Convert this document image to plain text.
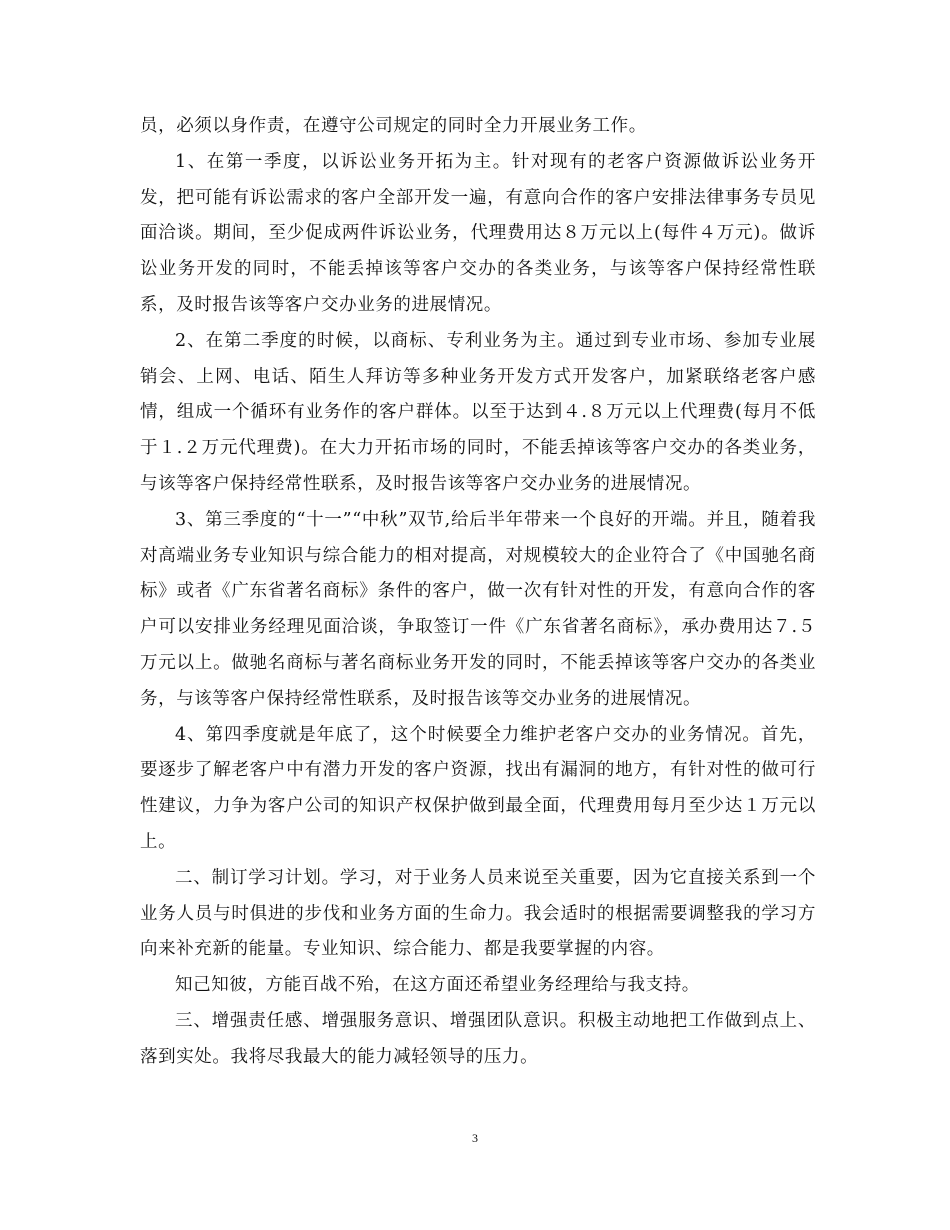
员，必须以身作责，在遵守公司规定的同时全力开展业务工作。

1、在第一季度，以诉讼业务开拓为主。针对现有的老客户资源做诉讼业务开发，把可能有诉讼需求的客户全部开发一遍，有意向合作的客户安排法律事务专员见面洽谈。期间，至少促成两件诉讼业务，代理费用达８万元以上(每件４万元)。做诉讼业务开发的同时，不能丢掉该等客户交办的各类业务，与该等客户保持经常性联系，及时报告该等客户交办业务的进展情况。

2、在第二季度的时候，以商标、专利业务为主。通过到专业市场、参加专业展销会、上网、电话、陌生人拜访等多种业务开发方式开发客户，加紧联络老客户感情，组成一个循环有业务作的客户群体。以至于达到４.８万元以上代理费(每月不低于１.２万元代理费)。在大力开拓市场的同时，不能丢掉该等客户交办的各类业务，与该等客户保持经常性联系，及时报告该等客户交办业务的进展情况。

3、第三季度的“十一”“中秋”双节,给后半年带来一个良好的开端。并且，随着我对高端业务专业知识与综合能力的相对提高，对规模较大的企业符合了《中国驰名商标》或者《广东省著名商标》条件的客户，做一次有针对性的开发，有意向合作的客户可以安排业务经理见面洽谈，争取签订一件《广东省著名商标》，承办费用达７.５万元以上。做驰名商标与著名商标业务开发的同时，不能丢掉该等客户交办的各类业务，与该等客户保持经常性联系，及时报告该等交办业务的进展情况。

4、第四季度就是年底了，这个时候要全力维护老客户交办的业务情况。首先，要逐步了解老客户中有潜力开发的客户资源，找出有漏洞的地方，有针对性的做可行性建议，力争为客户公司的知识产权保护做到最全面，代理费用每月至少达１万元以上。

二、制订学习计划。学习，对于业务人员来说至关重要，因为它直接关系到一个业务人员与时俱进的步伐和业务方面的生命力。我会适时的根据需要调整我的学习方向来补充新的能量。专业知识、综合能力、都是我要掌握的内容。

知己知彼，方能百战不殆，在这方面还希望业务经理给与我支持。

三、增强责任感、增强服务意识、增强团队意识。积极主动地把工作做到点上、落到实处。我将尽我最大的能力减轻领导的压力。

3
